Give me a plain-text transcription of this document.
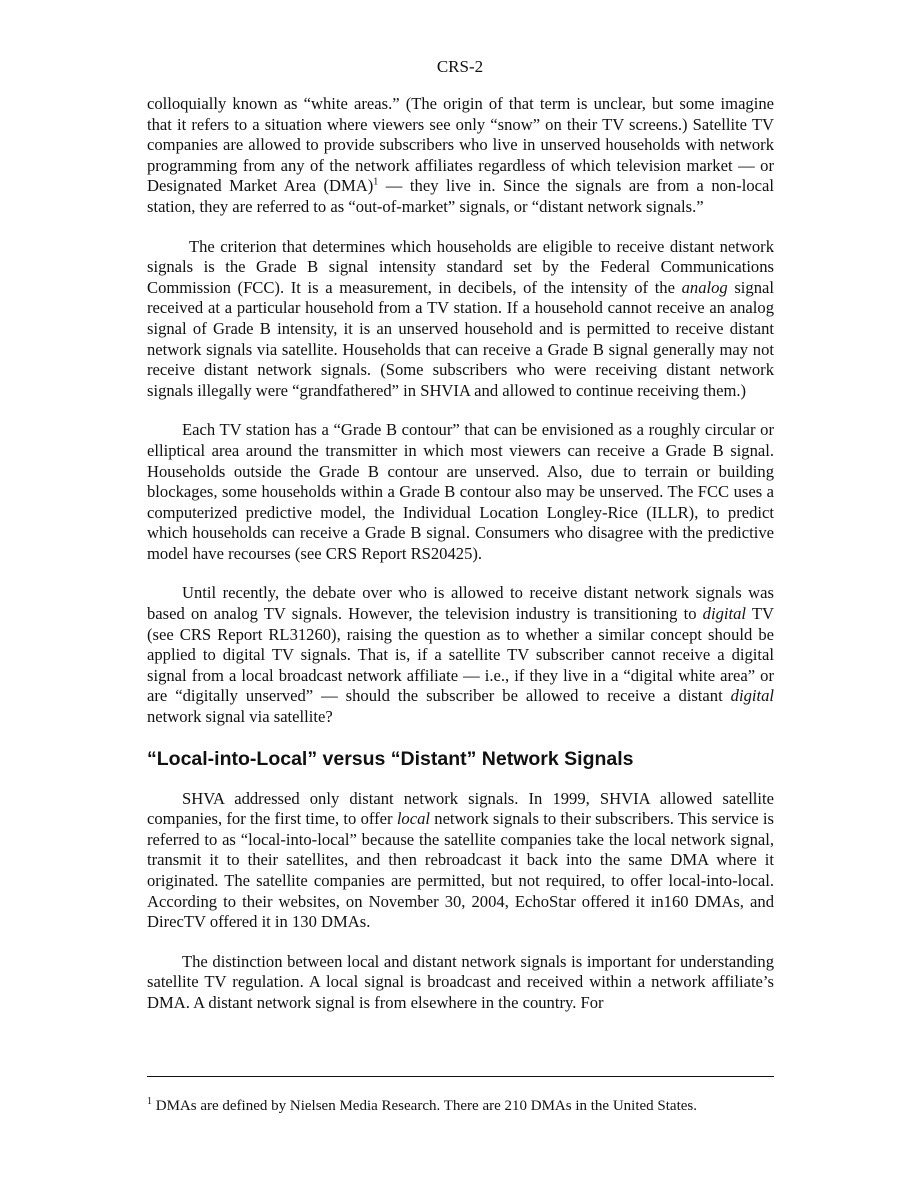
CRS-2

colloquially known as “white areas.” (The origin of that term is unclear, but some imagine that it refers to a situation where viewers see only “snow” on their TV screens.) Satellite TV companies are allowed to provide subscribers who live in unserved households with network programming from any of the network affiliates regardless of which television market — or Designated Market Area (DMA)$^1$ — they live in. Since the signals are from a non-local station, they are referred to as “out-of-market” signals, or “distant network signals.”

The criterion that determines which households are eligible to receive distant network signals is the Grade B signal intensity standard set by the Federal Communications Commission (FCC). It is a measurement, in decibels, of the intensity of the analog signal received at a particular household from a TV station. If a household cannot receive an analog signal of Grade B intensity, it is an unserved household and is permitted to receive distant network signals via satellite. Households that can receive a Grade B signal generally may not receive distant network signals. (Some subscribers who were receiving distant network signals illegally were “grandfathered” in SHVIA and allowed to continue receiving them.)

Each TV station has a “Grade B contour” that can be envisioned as a roughly circular or elliptical area around the transmitter in which most viewers can receive a Grade B signal. Households outside the Grade B contour are unserved. Also, due to terrain or building blockages, some households within a Grade B contour also may be unserved. The FCC uses a computerized predictive model, the Individual Location Longley-Rice (ILLR), to predict which households can receive a Grade B signal. Consumers who disagree with the predictive model have recourses (see CRS Report RS20425).

Until recently, the debate over who is allowed to receive distant network signals was based on analog TV signals. However, the television industry is transitioning to digital TV (see CRS Report RL31260), raising the question as to whether a similar concept should be applied to digital TV signals. That is, if a satellite TV subscriber cannot receive a digital signal from a local broadcast network affiliate — i.e., if they live in a “digital white area” or are “digitally unserved” — should the subscriber be allowed to receive a distant digital network signal via satellite?

“Local-into-Local” versus “Distant” Network Signals

SHVA addressed only distant network signals. In 1999, SHVIA allowed satellite companies, for the first time, to offer local network signals to their subscribers. This service is referred to as “local-into-local” because the satellite companies take the local network signal, transmit it to their satellites, and then rebroadcast it back into the same DMA where it originated. The satellite companies are permitted, but not required, to offer local-into-local. According to their websites, on November 30, 2004, EchoStar offered it in160 DMAs, and DirecTV offered it in 130 DMAs.

The distinction between local and distant network signals is important for understanding satellite TV regulation. A local signal is broadcast and received within a network affiliate’s DMA. A distant network signal is from elsewhere in the country. For

$^1$ DMAs are defined by Nielsen Media Research. There are 210 DMAs in the United States.
